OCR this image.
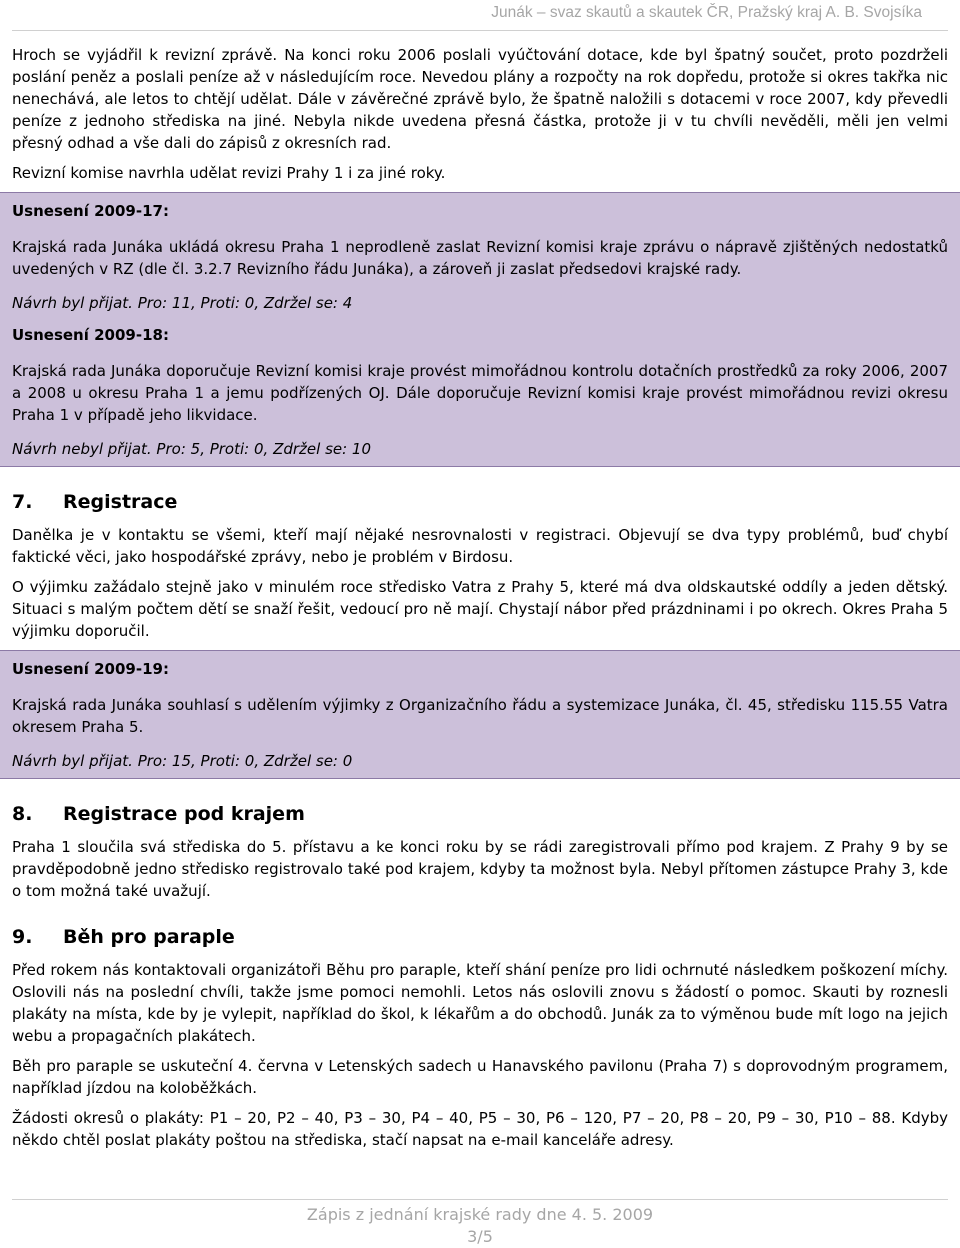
Junák – svaz skautů a skautek ČR, Pražský kraj A. B. Svojsíka

Hroch se vyjádřil k revizní zprávě. Na konci roku 2006 poslali vyúčtování dotace, kde byl špatný součet, proto pozdrželi poslání peněz a poslali peníze až v následujícím roce. Nevedou plány a rozpočty na rok dopředu, protože si okres takřka nic nenechává, ale letos to chtějí udělat. Dále v závěrečné zprávě bylo, že špatně naložili s dotacemi v roce 2007, kdy převedli peníze z jednoho střediska na jiné. Nebyla nikde uvedena přesná částka, protože ji v tu chvíli nevěděli, měli jen velmi přesný odhad a vše dali do zápisů z okresních rad.

Revizní komise navrhla udělat revizi Prahy 1 i za jiné roky.

Usnesení 2009-17:

Krajská rada Junáka ukládá okresu Praha 1 neprodleně zaslat Revizní komisi kraje zprávu o nápravě zjištěných nedostatků uvedených v RZ (dle čl. 3.2.7 Revizního řádu Junáka), a zároveň ji zaslat předsedovi krajské rady.

Návrh byl přijat. Pro: 11, Proti: 0, Zdržel se: 4

Usnesení 2009-18:

Krajská rada Junáka doporučuje Revizní komisi kraje provést mimořádnou kontrolu dotačních prostředků za roky 2006, 2007 a 2008 u okresu Praha 1 a jemu podřízených OJ. Dále doporučuje Revizní komisi kraje provést mimořádnou revizi okresu Praha 1 v případě jeho likvidace.

Návrh nebyl přijat. Pro: 5, Proti: 0, Zdržel se: 10

7. Registrace

Danělka je v kontaktu se všemi, kteří mají nějaké nesrovnalosti v registraci. Objevují se dva typy problémů, buď chybí faktické věci, jako hospodářské zprávy, nebo je problém v Birdosu.

O výjimku zažádalo stejně jako v minulém roce středisko Vatra z Prahy 5, které má dva oldskautské oddíly a jeden dětský. Situaci s malým počtem dětí se snaží řešit, vedoucí pro ně mají. Chystají nábor před prázdninami i po okrech. Okres Praha 5 výjimku doporučil.

Usnesení 2009-19:

Krajská rada Junáka souhlasí s udělením výjimky z Organizačního řádu a systemizace Junáka, čl. 45, středisku 115.55 Vatra okresem Praha 5.

Návrh byl přijat. Pro: 15, Proti: 0, Zdržel se: 0

8. Registrace pod krajem

Praha 1 sloučila svá střediska do 5. přístavu a ke konci roku by se rádi zaregistrovali přímo pod krajem. Z Prahy 9 by se pravděpodobně jedno středisko registrovalo také pod krajem, kdyby ta možnost byla. Nebyl přítomen zástupce Prahy 3, kde o tom možná také uvažují.

9. Běh pro paraple

Před rokem nás kontaktovali organizátoři Běhu pro paraple, kteří shání peníze pro lidi ochrnuté následkem poškození míchy. Oslovili nás na poslední chvíli, takže jsme pomoci nemohli. Letos nás oslovili znovu s žádostí o pomoc. Skauti by roznesli plakáty na místa, kde by je vylepit, například do škol, k lékařům a do obchodů. Junák za to výměnou bude mít logo na jejich webu a propagačních plakátech.

Běh pro paraple se uskuteční 4. června v Letenských sadech u Hanavského pavilonu (Praha 7) s doprovodným programem, například jízdou na koloběžkách.

Žádosti okresů o plakáty: P1 – 20, P2 – 40, P3 – 30, P4 – 40, P5 – 30, P6 – 120, P7 – 20, P8 – 20, P9 – 30, P10 – 88. Kdyby někdo chtěl poslat plakáty poštou na střediska, stačí napsat na e-mail kanceláře adresy.

Zápis z jednání krajské rady dne 4. 5. 2009
3/5
